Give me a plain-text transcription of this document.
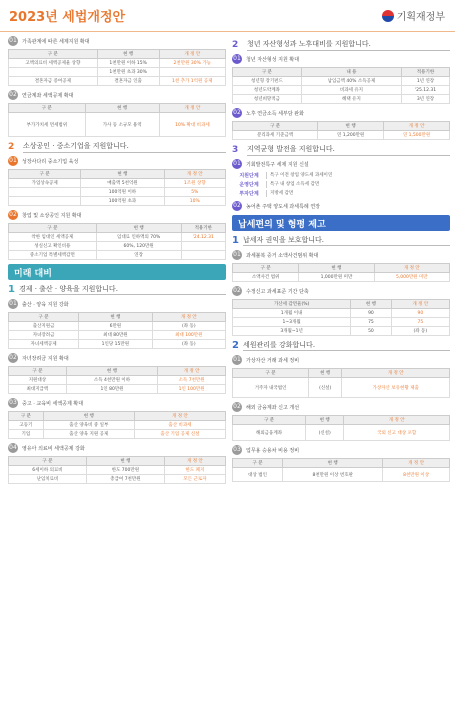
2023년 세법개정안	기획재정부
01 가족관계에 따른 세제지원 확대
구 분	현 행	개 정 안
고액의료비 세액공제율 상향	1천만원 이하 15%	2천만원 30% 가능
	1천만원 초과 30%	
결혼자금 증여공제	결혼자금 인출	1천 추가 1억원 공제
02 연금계좌 세액공제 확대
구 분	현 행	개 정 안
부가가치세 면세범위	가사 등 소규모 용역	10% 확대 비과세
2	소상공인 · 중소기업을 지원합니다.
01 성장사다리 중소기업 육성
구 분	현 행	개 정 안
가업상속공제	매출액 5천억원	1조원 상향
	100억원 이하	5%
	100억원 초과	10%
02 창업 및 소상공인 지원 확대
구 분	현 행	적용기한
착한 임대인 세액공제	임대료 인하액의 70%	'24.12.31
성실신고 확인비용	60%, 120만원	
중소기업 특별세액감면	연장	
미래 대비
1 경제 · 출산 · 양육을 지원합니다.
01 출산 · 양육 지원 강화
구 분	현 행	개 정 안
출산지원금	6만원	(좌 동)
자녀장려금	최대 80만원	최대 100만원
자녀세액공제	1인당 15만원	(좌 동)
02 자녀장려금 지원 확대
구 분	현 행	개 정 안
지원대상	소득 4천만원 이하	소득 7천만원
최대지급액	1인 80만원	1인 100만원
03 중고 · 교육비 세액공제 확대
구 분	현 행	개 정 안
고등기	출산 양육비 중 일부	출산 비과세
기업	출산 양육 지원 공제	출산 기업 공제 신설
04 영유아 의료비 세액공제 강화
구 분	현 행	개 정 안
6세이하 의료비	한도 700만원	한도 폐지
난임치료비	총급여 7천만원	모든 근로자
2	청년 자산형성과 노후대비를 지원합니다.
01 청년 자산형성 지원 확대
구 분	내 용	적용기한
청년형 장기펀드	납입금액 40% 소득공제	1년 연장
청년도약계좌	비과세 유지	'25.12.31
청년희망적금	혜택 유지	3년 연장
02 노후 연금소득 세부담 완화
구 분	현 행	개 정 안
분리과세 기준금액	연 1,200만원	연 1,500만원
3	지역균형 발전을 지원합니다.
01 기회발전특구 세제 지원 신설
지원단계	특구 이전 창업 양도세 과세이연
운영단계	특구 내 창업 소득세 감면
투자단계	지방세 감면
02 농어촌 주택 양도세 과세특례 연장
납세편의 및 형평 제고
1 납세자 권익을 보호합니다.
01 과세불복 증거 소액사건범위 확대
구 분	현 행	개 정 안
소액사건 범위	1,000만원 미만	5,000만원 미만
02 수정신고 과세표준 기간 단축
가산세 감면율(%)	현 행	개 정 안
1개월 이내	90	90
1~3개월	75	75
3개월~1년	50	(좌 동)
2 세원관리를 강화합니다.
01 가상자산 거래 과세 정비
구 분	현 행	개 정 안
거주자 내국법인	(신설)	가상자산 보유현황 제출
02 해외 금융계좌 신고 개선
구 분	현 행	개 정 안
해외금융계좌	(신설)	국외 신고 대상 포함
03 업무용 승용차 비용 정비
구 분	현 행	개 정 안
대상 법인	8천만원 이상 번호판	8천만원 이상
